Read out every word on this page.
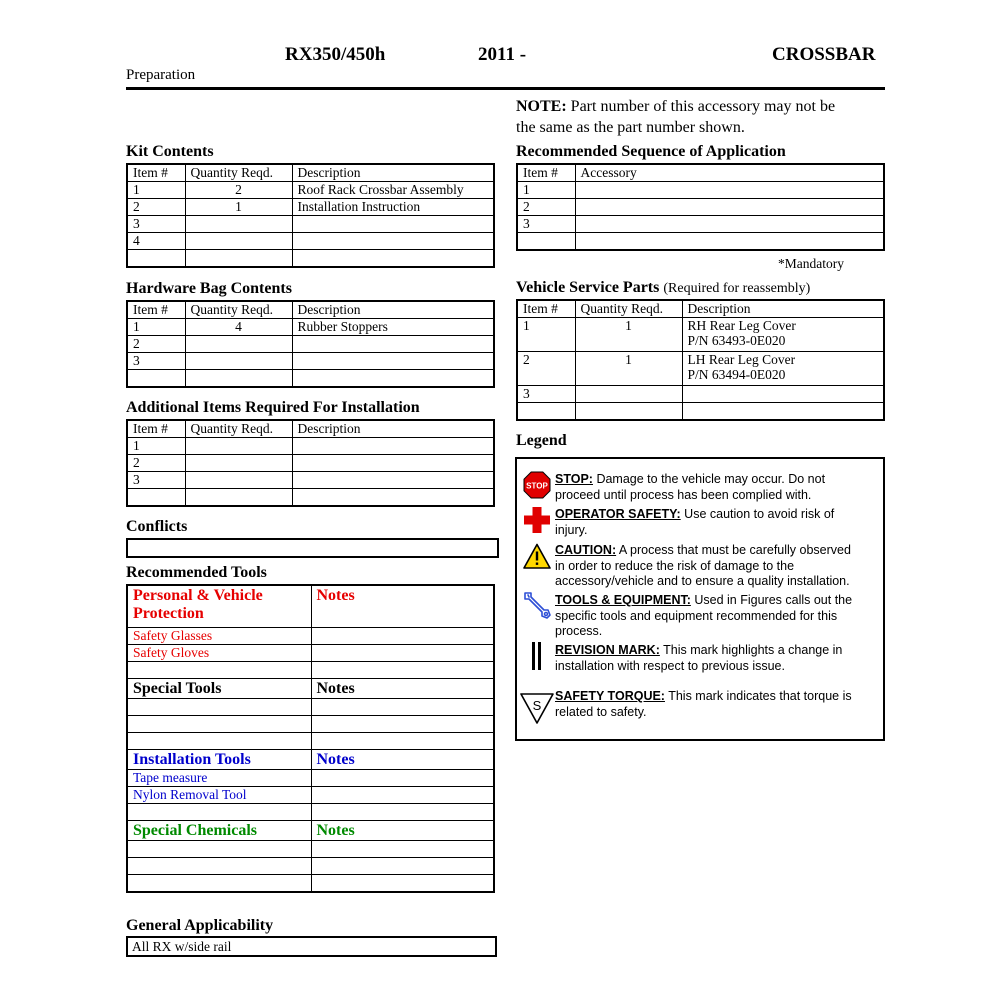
RX350/450h	2011 -	CROSSBAR
Preparation
NOTE: Part number of this accessory may not be
the same as the part number shown.
Kit Contents
Item #	Quantity Reqd.	Description
1	2	Roof Rack Crossbar Assembly
2	1	Installation Instruction
3		
4		

Hardware Bag Contents
Item #	Quantity Reqd.	Description
1	4	Rubber Stoppers
2		
3		

Additional Items Required For Installation
Item #	Quantity Reqd.	Description
1		
2		
3		

Conflicts
Recommended Tools
Personal & Vehicle
Protection	Notes
Safety Glasses	
Safety Gloves	

Special Tools	Notes

Installation Tools	Notes
Tape measure	
Nylon Removal Tool	

Special Chemicals	Notes

General Applicability
All RX w/side rail
Recommended Sequence of Application
Item #	Accessory
1	
2	
3	

*Mandatory
Vehicle Service Parts (Required for reassembly)
Item #	Quantity Reqd.	Description
1	1	RH Rear Leg Cover
P/N 63493-0E020
2	1	LH Rear Leg Cover
P/N 63494-0E020
3		

Legend
STOP STOP: Damage to the vehicle may occur. Do not
proceed until process has been complied with.
OPERATOR SAFETY: Use caution to avoid risk of
injury.
CAUTION: A process that must be carefully observed
in order to reduce the risk of damage to the
accessory/vehicle and to ensure a quality installation.
TOOLS & EQUIPMENT: Used in Figures calls out the
specific tools and equipment recommended for this
process.
REVISION MARK: This mark highlights a change in
installation with respect to previous issue.
S
SAFETY TORQUE: This mark indicates that torque is
related to safety.
